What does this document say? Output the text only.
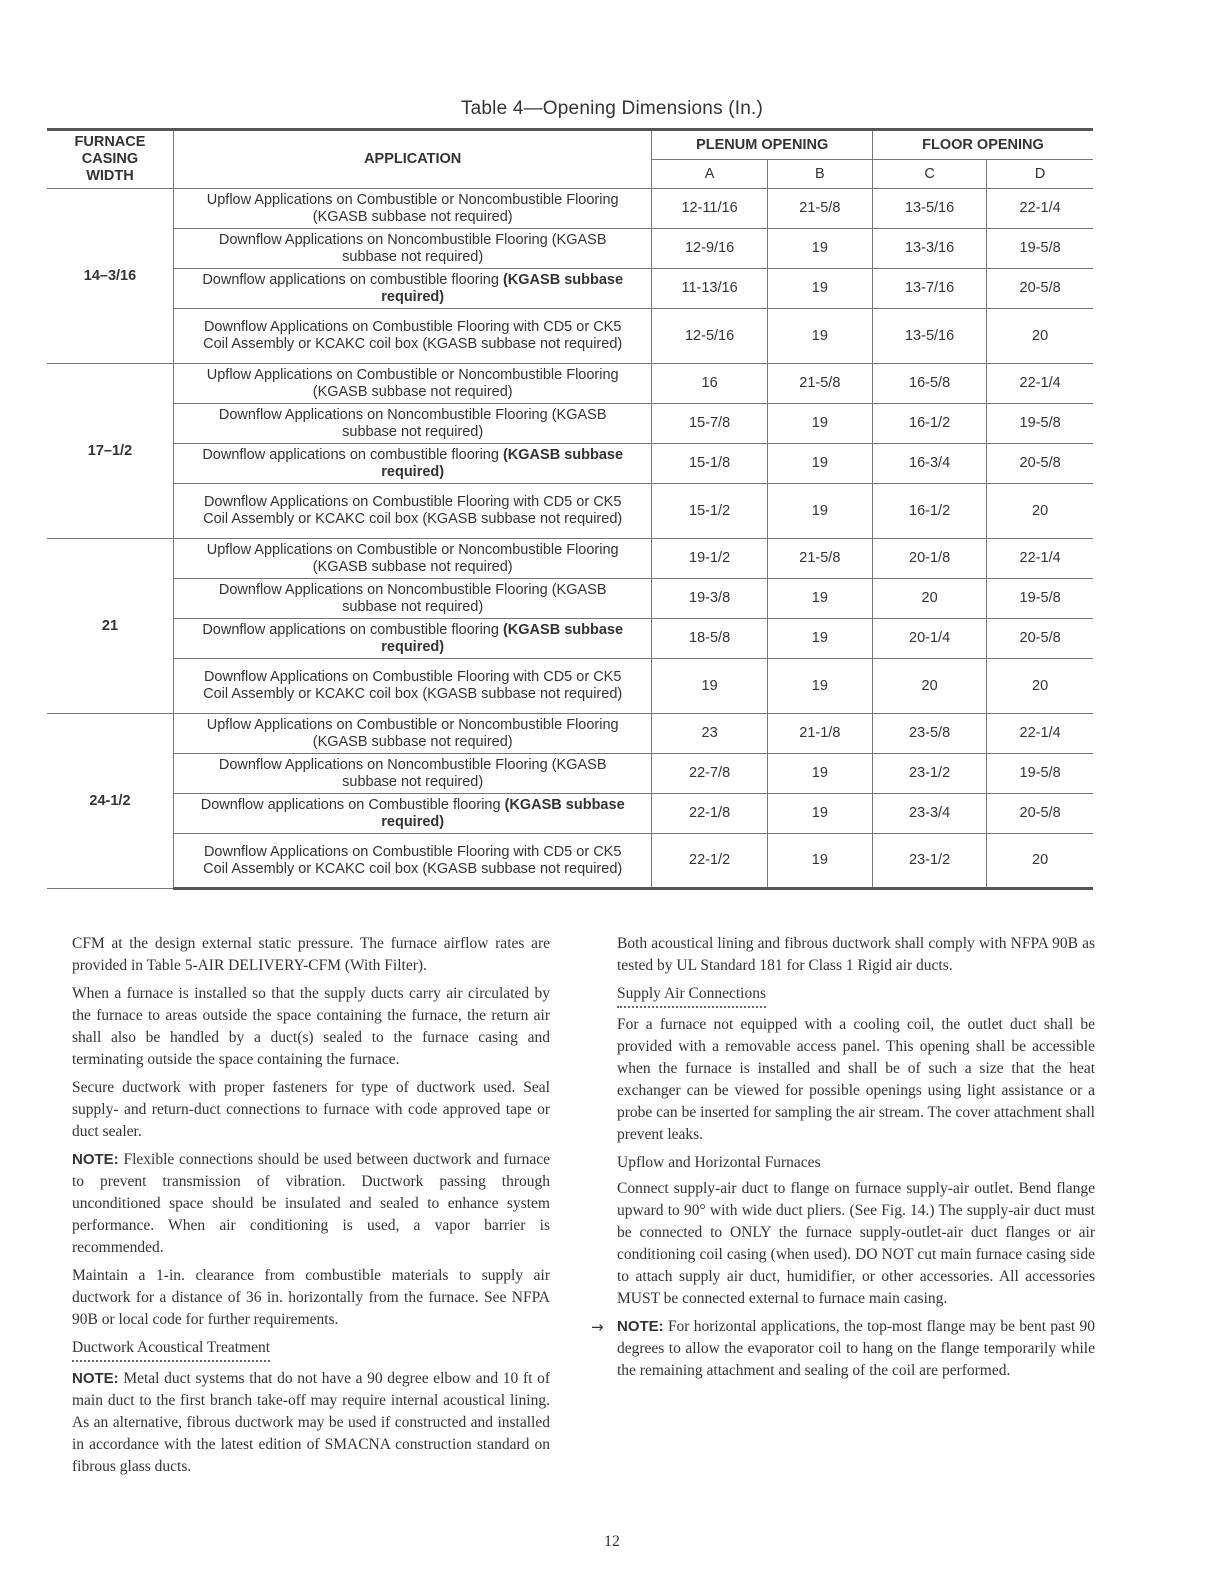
Table 4—Opening Dimensions (In.)
FURNACE CASING WIDTH	APPLICATION	PLENUM OPENING		FLOOR OPENING	
		A	B	C	D
14–3/16	Upflow Applications on Combustible or Noncombustible Flooring (KGASB subbase not required)	12-11/16	21-5/8	13-5/16	22-1/4
	Downflow Applications on Noncombustible Flooring (KGASB subbase not required)	12-9/16	19	13-3/16	19-5/8
	Downflow applications on combustible flooring (KGASB subbase required)	11-13/16	19	13-7/16	20-5/8
	Downflow Applications on Combustible Flooring with CD5 or CK5 Coil Assembly or KCAKC coil box (KGASB subbase not required)	12-5/16	19	13-5/16	20
17–1/2	Upflow Applications on Combustible or Noncombustible Flooring (KGASB subbase not required)	16	21-5/8	16-5/8	22-1/4
	Downflow Applications on Noncombustible Flooring (KGASB subbase not required)	15-7/8	19	16-1/2	19-5/8
	Downflow applications on combustible flooring (KGASB subbase required)	15-1/8	19	16-3/4	20-5/8
	Downflow Applications on Combustible Flooring with CD5 or CK5 Coil Assembly or KCAKC coil box (KGASB subbase not required)	15-1/2	19	16-1/2	20
21	Upflow Applications on Combustible or Noncombustible Flooring (KGASB subbase not required)	19-1/2	21-5/8	20-1/8	22-1/4
	Downflow Applications on Noncombustible Flooring (KGASB subbase not required)	19-3/8	19	20	19-5/8
	Downflow applications on combustible flooring (KGASB subbase required)	18-5/8	19	20-1/4	20-5/8
	Downflow Applications on Combustible Flooring with CD5 or CK5 Coil Assembly or KCAKC coil box (KGASB subbase not required)	19	19	20	20
24-1/2	Upflow Applications on Combustible or Noncombustible Flooring (KGASB subbase not required)	23	21-1/8	23-5/8	22-1/4
	Downflow Applications on Noncombustible Flooring (KGASB subbase not required)	22-7/8	19	23-1/2	19-5/8
	Downflow applications on Combustible flooring (KGASB subbase required)	22-1/8	19	23-3/4	20-5/8
	Downflow Applications on Combustible Flooring with CD5 or CK5 Coil Assembly or KCAKC coil box (KGASB subbase not required)	22-1/2	19	23-1/2	20

CFM at the design external static pressure. The furnace airflow rates are provided in Table 5-AIR DELIVERY-CFM (With Filter).

When a furnace is installed so that the supply ducts carry air circulated by the furnace to areas outside the space containing the furnace, the return air shall also be handled by a duct(s) sealed to the furnace casing and terminating outside the space containing the furnace.

Secure ductwork with proper fasteners for type of ductwork used. Seal supply- and return-duct connections to furnace with code approved tape or duct sealer.

NOTE: Flexible connections should be used between ductwork and furnace to prevent transmission of vibration. Ductwork passing through unconditioned space should be insulated and sealed to enhance system performance. When air conditioning is used, a vapor barrier is recommended.

Maintain a 1-in. clearance from combustible materials to supply air ductwork for a distance of 36 in. horizontally from the furnace. See NFPA 90B or local code for further requirements.

Ductwork Acoustical Treatment

NOTE: Metal duct systems that do not have a 90 degree elbow and 10 ft of main duct to the first branch take-off may require internal acoustical lining. As an alternative, fibrous ductwork may be used if constructed and installed in accordance with the latest edition of SMACNA construction standard on fibrous glass ducts.

Both acoustical lining and fibrous ductwork shall comply with NFPA 90B as tested by UL Standard 181 for Class 1 Rigid air ducts.

Supply Air Connections

For a furnace not equipped with a cooling coil, the outlet duct shall be provided with a removable access panel. This opening shall be accessible when the furnace is installed and shall be of such a size that the heat exchanger can be viewed for possible openings using light assistance or a probe can be inserted for sampling the air stream. The cover attachment shall prevent leaks.

Upflow and Horizontal Furnaces

Connect supply-air duct to flange on furnace supply-air outlet. Bend flange upward to 90° with wide duct pliers. (See Fig. 14.) The supply-air duct must be connected to ONLY the furnace supply-outlet-air duct flanges or air conditioning coil casing (when used). DO NOT cut main furnace casing side to attach supply air duct, humidifier, or other accessories. All accessories MUST be connected external to furnace main casing.

→ NOTE: For horizontal applications, the top-most flange may be bent past 90 degrees to allow the evaporator coil to hang on the flange temporarily while the remaining attachment and sealing of the coil are performed.

12
